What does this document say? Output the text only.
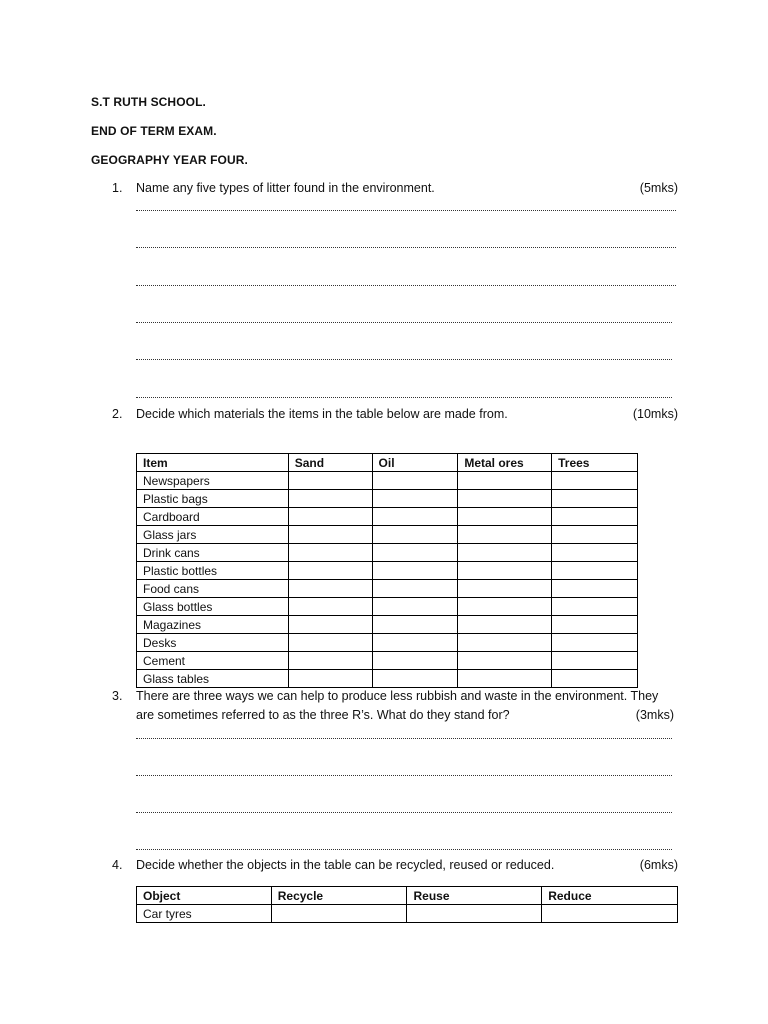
S.T RUTH SCHOOL.
END OF TERM EXAM.
GEOGRAPHY YEAR FOUR.
1. Name any five types of litter found in the environment.	(5mks)
2. Decide which materials the items in the table below are made from.	(10mks)
Item	Sand	Oil	Metal ores	Trees
Newspapers				
Plastic bags				
Cardboard				
Glass jars				
Drink cans				
Plastic bottles				
Food cans				
Glass bottles				
Magazines				
Desks				
Cement				
Glass tables				
3. There are three ways we can help to produce less rubbish and waste in the environment. They
are sometimes referred to as the three R’s. What do they stand for?	(3mks)
4. Decide whether the objects in the table can be recycled, reused or reduced.	(6mks)
Object	Recycle	Reuse	Reduce
Car tyres			
